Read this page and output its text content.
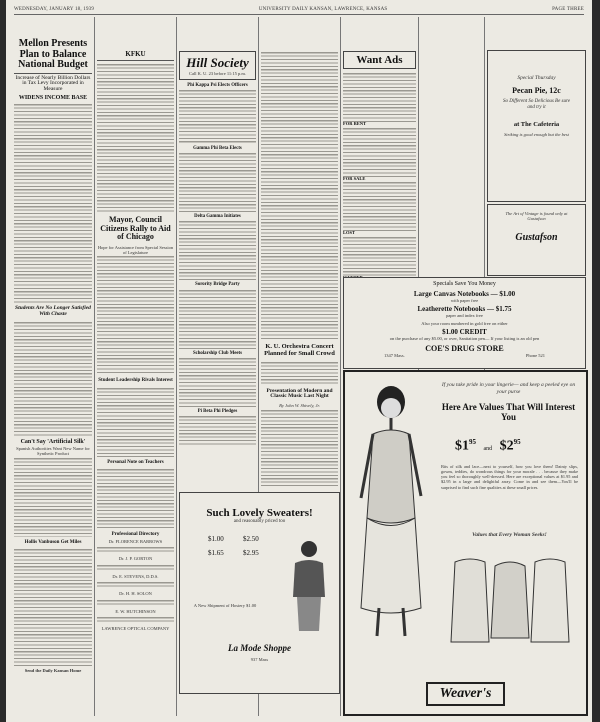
WEDNESDAY, JANUARY 18, 1939	UNIVERSITY DAILY KANSAN, LAWRENCE, KANSAS	PAGE THREE
Mellon Presents Plan to Balance National Budget
Increase of Nearly Billion Dollars in Tax Levy Incorporated in Measure
WIDENS INCOME BASE
Students Are No Longer Satisfied With Chaste
Can't Say 'Artificial Silk'
Spanish Authorities Want New Name for Synthetic Product
Hollis Vanbuson Get Miles
Send the Daily Kansan Home
KFKU
Mayor, Council Citizens Rally to Aid of Chicago
Hope for Assistance from Special Session of Legislature
Student Leadership Rivals Interest
Personal Note on Teachers
Professional Directory
Dr. FLORENCE BARROWS
Dr. J. P. GORTON
Dr. E. STEVENS, D.D.S.
Dr. H. H. SOLON
E. W. HUTCHINSON
LAWRENCE OPTICAL COMPANY
Hill Society
Call K. U. 23 before 11:15 p.m.
Phi Kappa Psi Elects Officers
Gamma Phi Beta Elects
Delta Gamma Initiates
Sorority Bridge Party
Scholarship Club Meets
Pi Beta Phi Pledges
K. U. Orchestra Concert Planned for Small Crowd
Presentation of Modern and Classic Music Last Night
By John W. Shively, Jr.
Such Lovely Sweaters!
and reasonably priced too
$1.00	$2.50
$1.65	$2.95
A New Shipment of Hosiery $1.00
La Mode Shoppe
937 Mass
Want Ads
FOR RENT
FOR SALE
LOST
Special Thursday
Pecan Pie, 12c
So Different So Delicious Be sure and try it
at The Cafeteria
Striking is good enough but the best
The Art of Vintage is found only at Gustafson
Gustafson
Specials Save You Money
Large Canvas Notebooks — $1.00
with paper free
Leatherette Notebooks — $1.75
paper and index free
Also your room numbered in gold free on either
$1.00 CREDIT
on the purchase of any $5.00, or over, Sanitation pen— If your listing is an old pen
COE'S DRUG STORE
1347 Mass.	Phone 521
If you take pride in your lingerie— and keep a peeled eye on your purse
Here Are Values That Will Interest You
$\$1^{95}$ and $\$2^{95}$
Bits of silk and lace—next to yourself, how you love them! Dainty slips, gowns, teddies, do wondrous things for your morale . . . because they make you feel so thoroughly well-dressed. Here are exceptional values at $1.95 and $2.95 in a large and delightful array. Come in and see them—You'll be surprised to find such fine qualities at these small prices.
Values that Every Woman Seeks!
Weaver's
